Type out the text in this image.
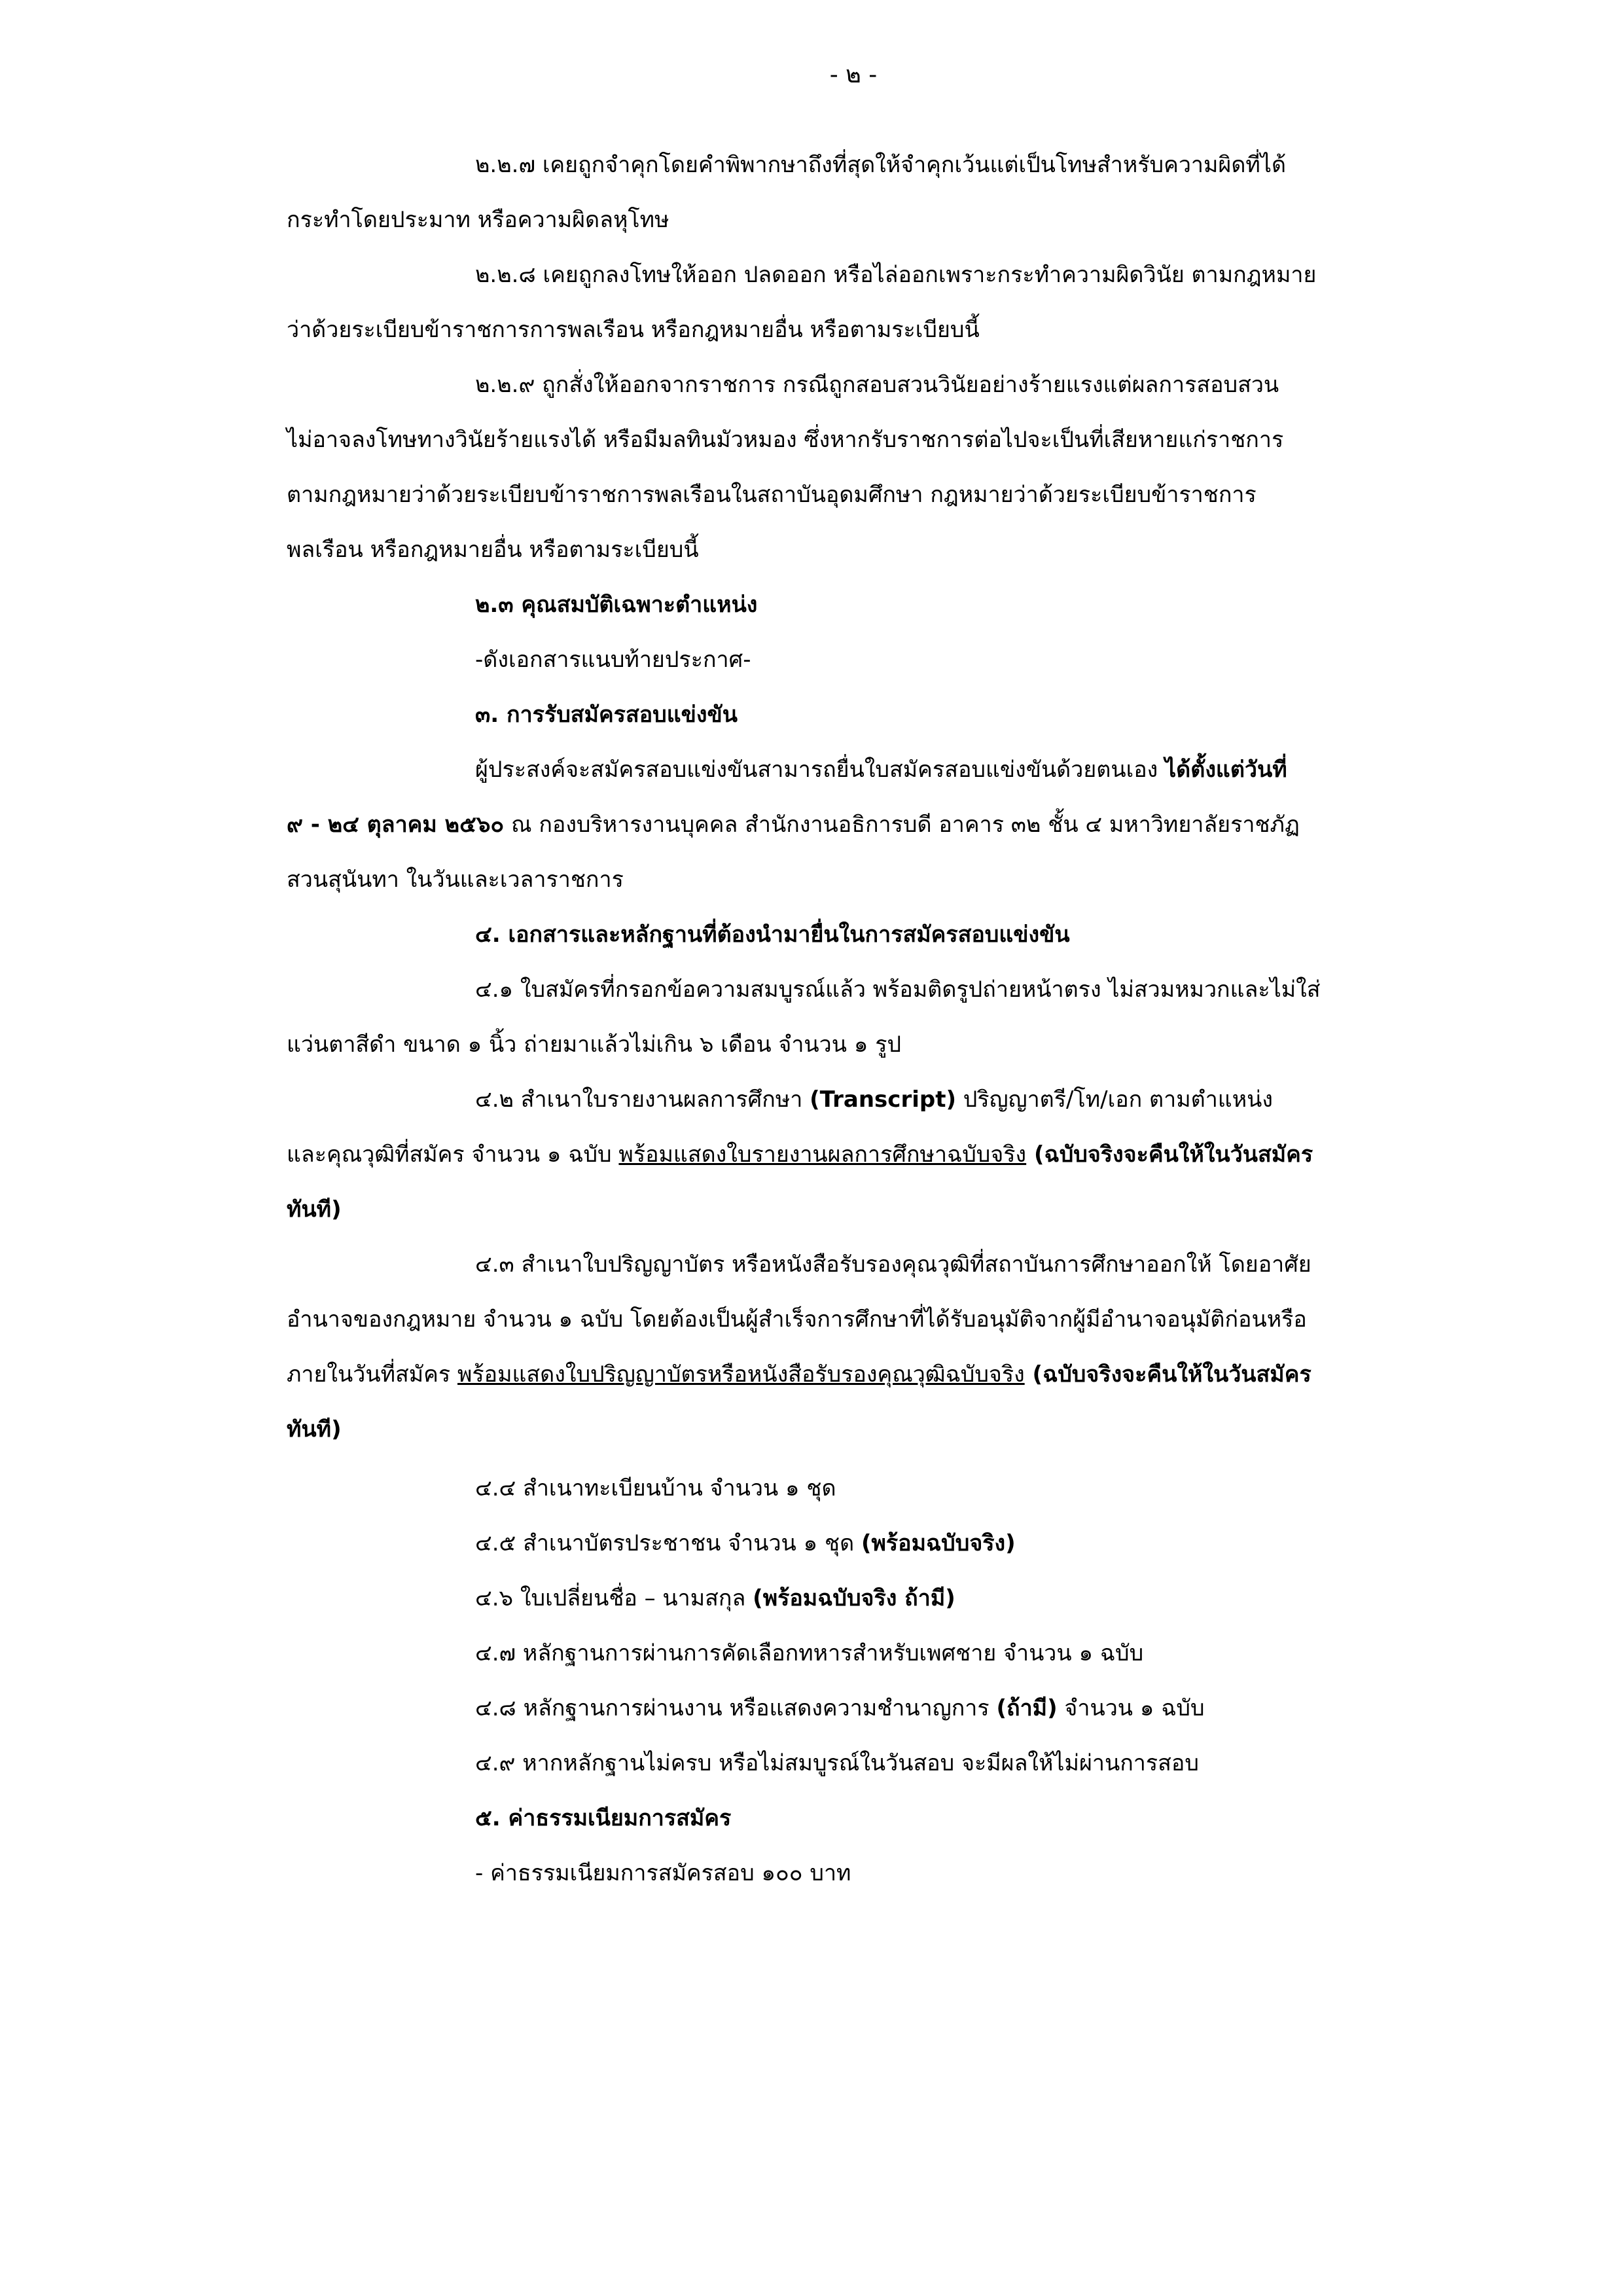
- ๒ -

๒.๒.๗ เคยถูกจำคุกโดยคำพิพากษาถึงที่สุดให้จำคุกเว้นแต่เป็นโทษสำหรับความผิดที่ได้

กระทำโดยประมาท หรือความผิดลหุโทษ

๒.๒.๘ เคยถูกลงโทษให้ออก ปลดออก หรือไล่ออกเพราะกระทำความผิดวินัย ตามกฎหมาย

ว่าด้วยระเบียบข้าราชการการพลเรือน หรือกฎหมายอื่น หรือตามระเบียบนี้

๒.๒.๙ ถูกสั่งให้ออกจากราชการ กรณีถูกสอบสวนวินัยอย่างร้ายแรงแต่ผลการสอบสวน

ไม่อาจลงโทษทางวินัยร้ายแรงได้ หรือมีมลทินมัวหมอง ซึ่งหากรับราชการต่อไปจะเป็นที่เสียหายแก่ราชการ

ตามกฎหมายว่าด้วยระเบียบข้าราชการพลเรือนในสถาบันอุดมศึกษา กฎหมายว่าด้วยระเบียบข้าราชการ

พลเรือน หรือกฎหมายอื่น หรือตามระเบียบนี้

๒.๓ คุณสมบัติเฉพาะตำแหน่ง

-ดังเอกสารแนบท้ายประกาศ-

๓. การรับสมัครสอบแข่งขัน

ผู้ประสงค์จะสมัครสอบแข่งขันสามารถยื่นใบสมัครสอบแข่งขันด้วยตนเอง ได้ตั้งแต่วันที่

๙ - ๒๔ ตุลาคม ๒๕๖๐ ณ กองบริหารงานบุคคล สำนักงานอธิการบดี อาคาร ๓๒ ชั้น ๔ มหาวิทยาลัยราชภัฏ

สวนสุนันทา ในวันและเวลาราชการ

๔. เอกสารและหลักฐานที่ต้องนำมายื่นในการสมัครสอบแข่งขัน

๔.๑ ใบสมัครที่กรอกข้อความสมบูรณ์แล้ว พร้อมติดรูปถ่ายหน้าตรง ไม่สวมหมวกและไม่ใส่

แว่นตาสีดำ ขนาด ๑ นิ้ว ถ่ายมาแล้วไม่เกิน ๖ เดือน จำนวน ๑ รูป

๔.๒ สำเนาใบรายงานผลการศึกษา (Transcript) ปริญญาตรี/โท/เอก ตามตำแหน่ง

และคุณวุฒิที่สมัคร จำนวน ๑ ฉบับ พร้อมแสดงใบรายงานผลการศึกษาฉบับจริง (ฉบับจริงจะคืนให้ในวันสมัคร

ทันที)

๔.๓ สำเนาใบปริญญาบัตร หรือหนังสือรับรองคุณวุฒิที่สถาบันการศึกษาออกให้ โดยอาศัย

อำนาจของกฎหมาย จำนวน ๑ ฉบับ โดยต้องเป็นผู้สำเร็จการศึกษาที่ได้รับอนุมัติจากผู้มีอำนาจอนุมัติก่อนหรือ

ภายในวันที่สมัคร พร้อมแสดงใบปริญญาบัตรหรือหนังสือรับรองคุณวุฒิฉบับจริง (ฉบับจริงจะคืนให้ในวันสมัคร

ทันที)

๔.๔ สำเนาทะเบียนบ้าน จำนวน ๑ ชุด

๔.๕ สำเนาบัตรประชาชน จำนวน ๑ ชุด (พร้อมฉบับจริง)

๔.๖ ใบเปลี่ยนชื่อ – นามสกุล (พร้อมฉบับจริง ถ้ามี)

๔.๗ หลักฐานการผ่านการคัดเลือกทหารสำหรับเพศชาย จำนวน ๑ ฉบับ

๔.๘ หลักฐานการผ่านงาน หรือแสดงความชำนาญการ (ถ้ามี) จำนวน ๑ ฉบับ

๔.๙ หากหลักฐานไม่ครบ หรือไม่สมบูรณ์ในวันสอบ จะมีผลให้ไม่ผ่านการสอบ

๕. ค่าธรรมเนียมการสมัคร

- ค่าธรรมเนียมการสมัครสอบ ๑๐๐ บาท
